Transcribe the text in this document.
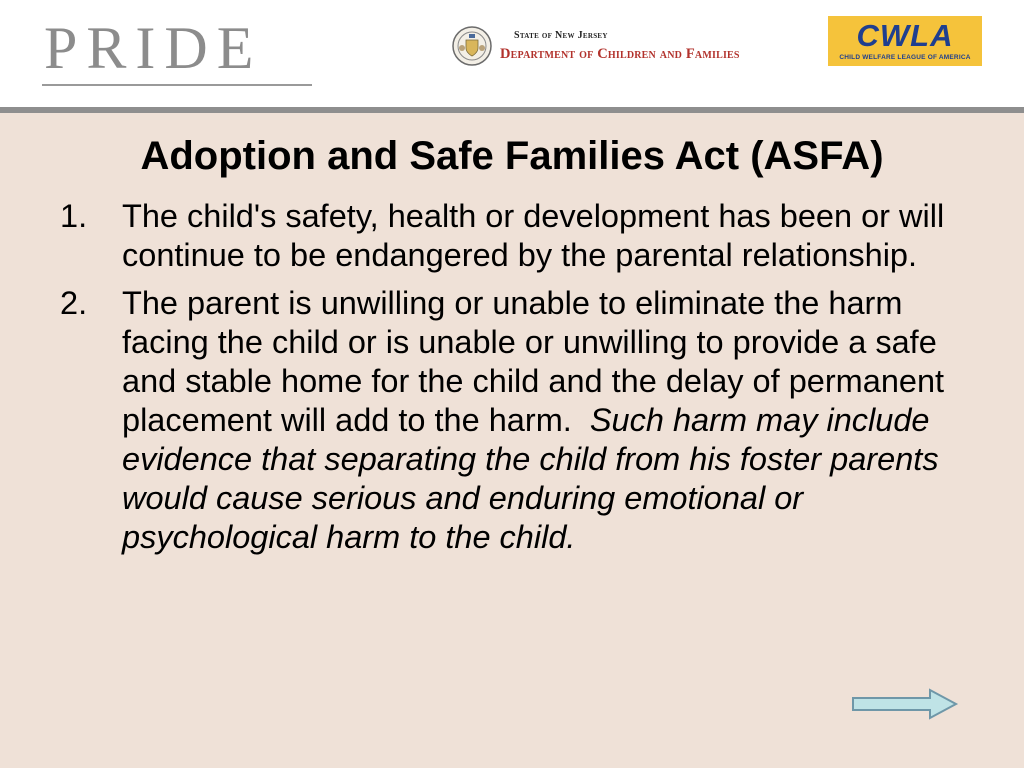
PRIDE	State of New Jersey
Department of Children and Families
CWLA
CHILD WELFARE LEAGUE OF AMERICA
Adoption and Safe Families Act (ASFA)
1. The child's safety, health or development has been or will continue to be endangered by the parental relationship.
2. The parent is unwilling or unable to eliminate the harm facing the child or is unable or unwilling to provide a safe and stable home for the child and the delay of permanent placement will add to the harm. Such harm may include evidence that separating the child from his foster parents would cause serious and enduring emotional or psychological harm to the child.
